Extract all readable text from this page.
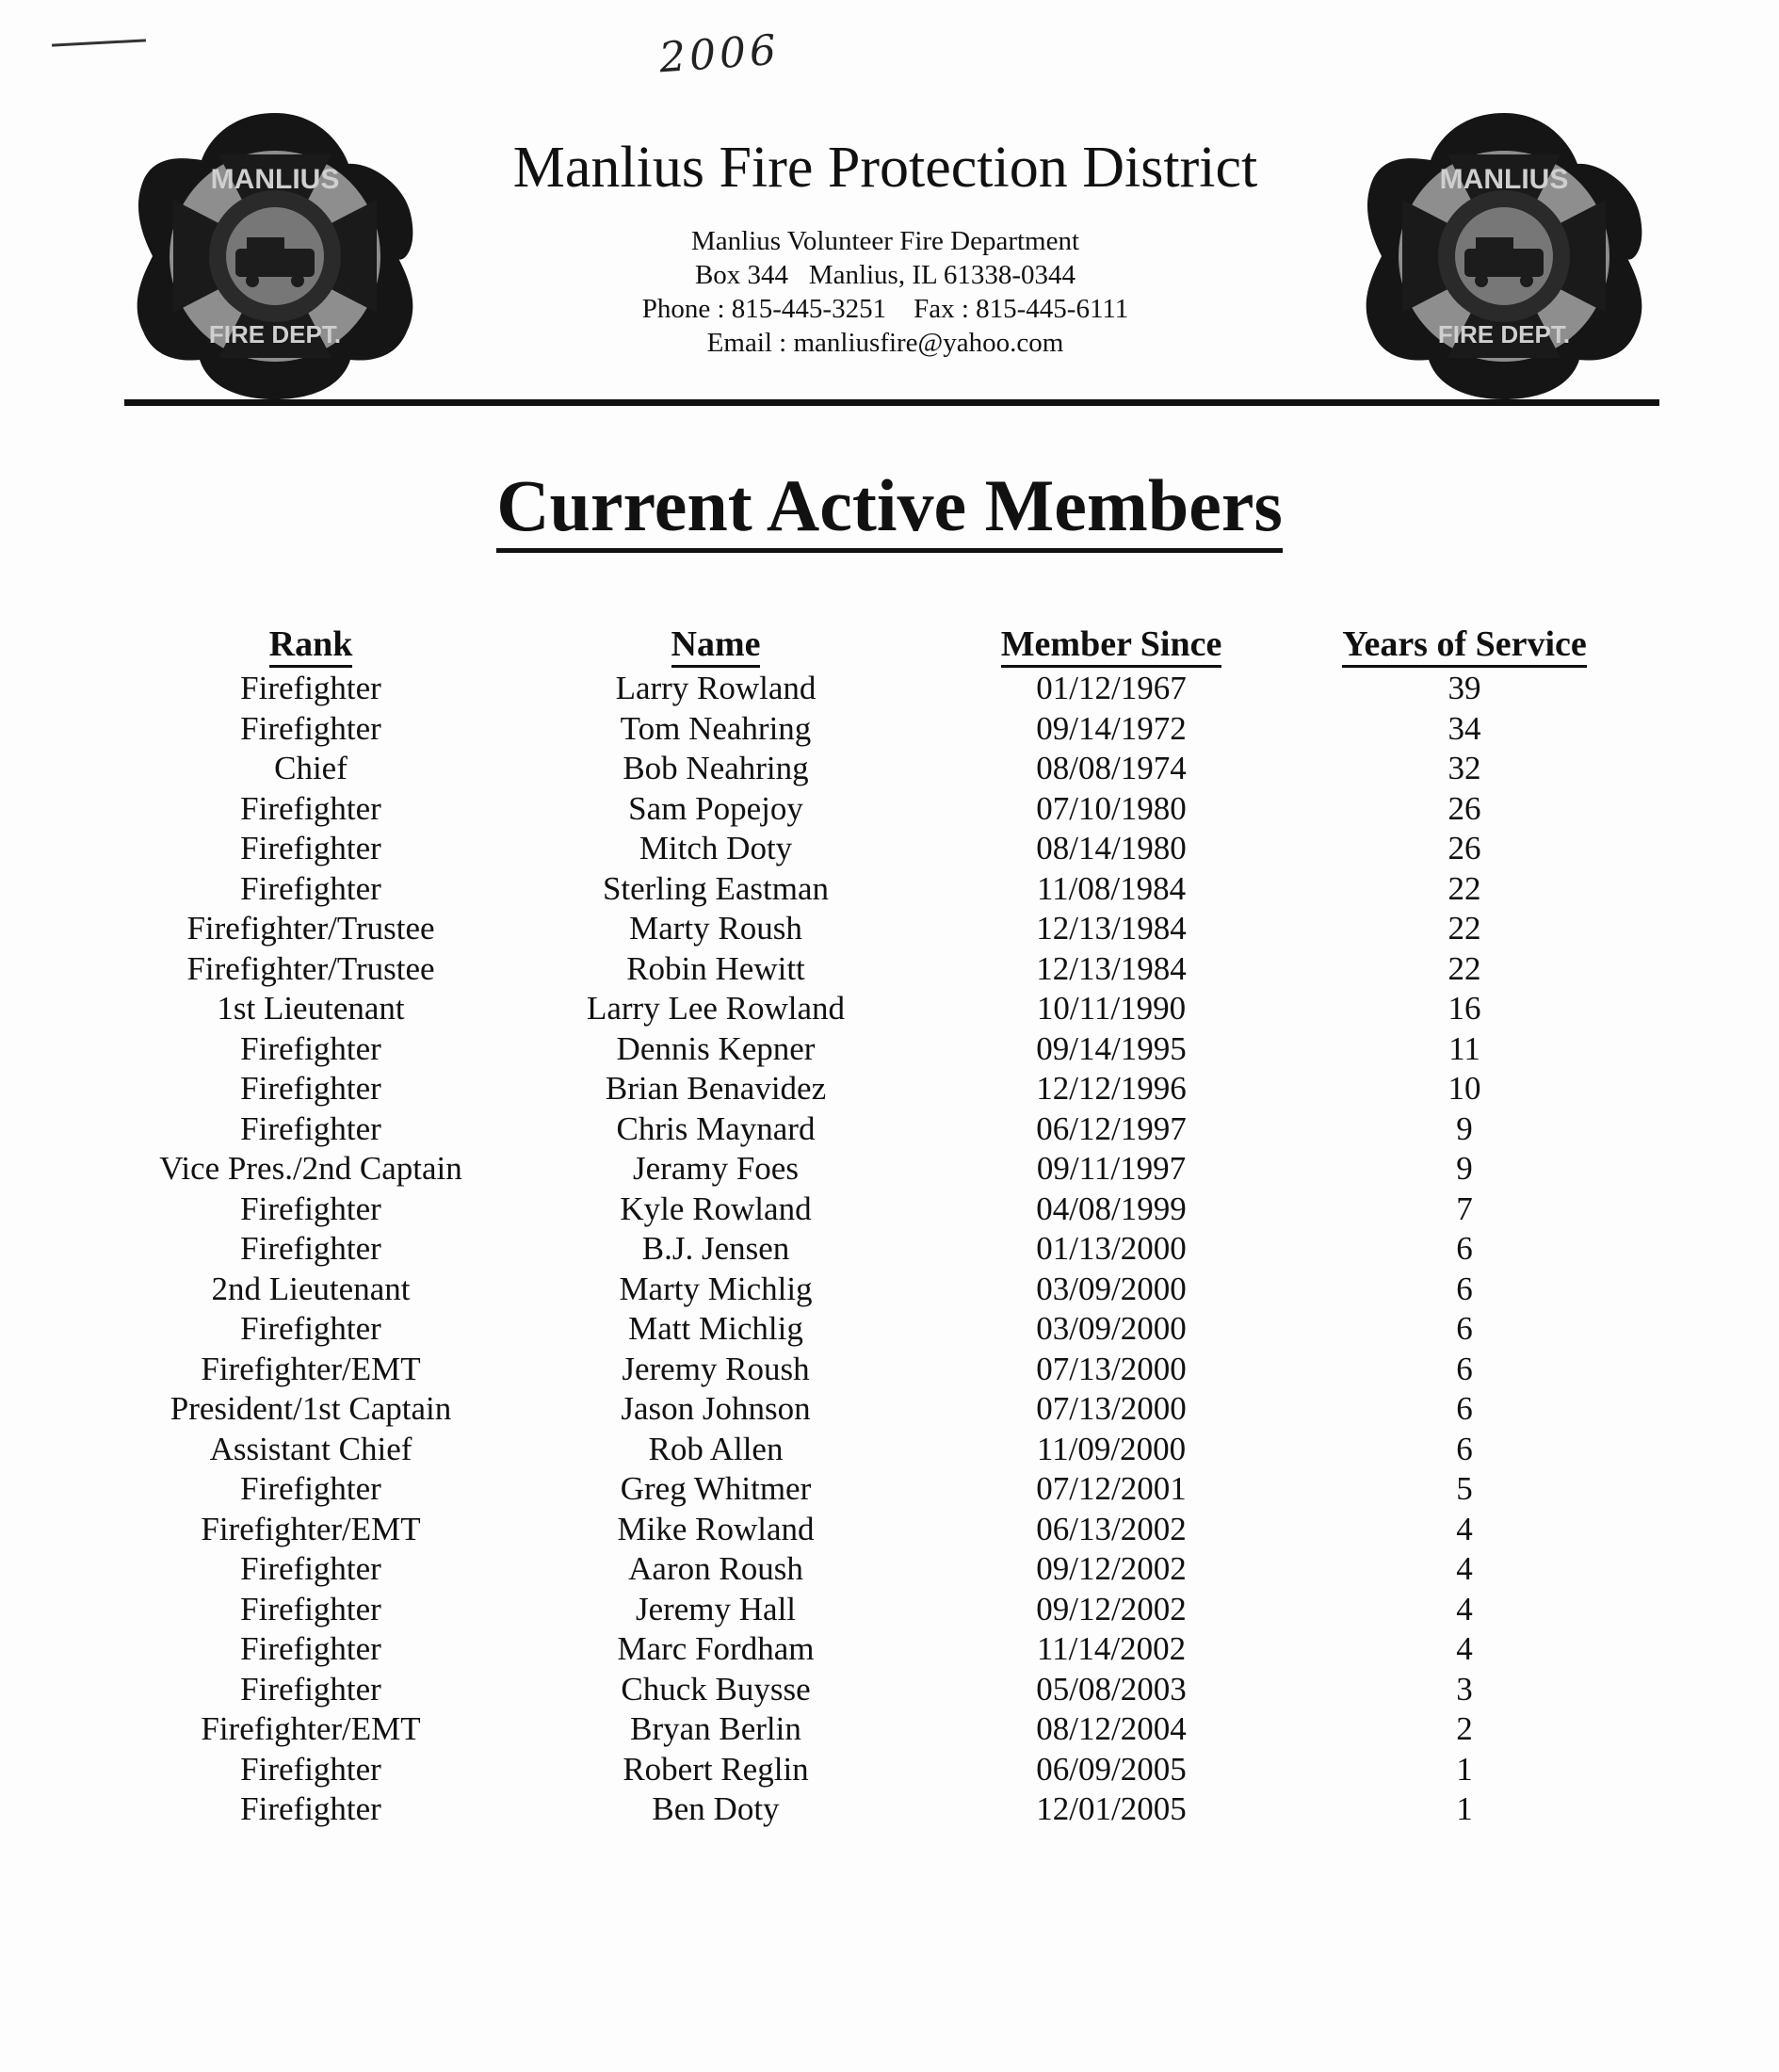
2006
MANLIUS
FIRE DEPT.
MANLIUS
FIRE DEPT.
Manlius Fire Protection District
Manlius Volunteer Fire Department
Box 344   Manlius, IL 61338-0344
Phone : 815-445-3251    Fax : 815-445-6111
Email : manliusfire@yahoo.com
Current Active Members
Rank	Name	Member Since	Years of Service
Firefighter	Larry Rowland	01/12/1967	39
Firefighter	Tom Neahring	09/14/1972	34
Chief	Bob Neahring	08/08/1974	32
Firefighter	Sam Popejoy	07/10/1980	26
Firefighter	Mitch Doty	08/14/1980	26
Firefighter	Sterling Eastman	11/08/1984	22
Firefighter/Trustee	Marty Roush	12/13/1984	22
Firefighter/Trustee	Robin Hewitt	12/13/1984	22
1st Lieutenant	Larry Lee Rowland	10/11/1990	16
Firefighter	Dennis Kepner	09/14/1995	11
Firefighter	Brian Benavidez	12/12/1996	10
Firefighter	Chris Maynard	06/12/1997	9
Vice Pres./2nd Captain	Jeramy Foes	09/11/1997	9
Firefighter	Kyle Rowland	04/08/1999	7
Firefighter	B.J. Jensen	01/13/2000	6
2nd Lieutenant	Marty Michlig	03/09/2000	6
Firefighter	Matt Michlig	03/09/2000	6
Firefighter/EMT	Jeremy Roush	07/13/2000	6
President/1st Captain	Jason Johnson	07/13/2000	6
Assistant Chief	Rob Allen	11/09/2000	6
Firefighter	Greg Whitmer	07/12/2001	5
Firefighter/EMT	Mike Rowland	06/13/2002	4
Firefighter	Aaron Roush	09/12/2002	4
Firefighter	Jeremy Hall	09/12/2002	4
Firefighter	Marc Fordham	11/14/2002	4
Firefighter	Chuck Buysse	05/08/2003	3
Firefighter/EMT	Bryan Berlin	08/12/2004	2
Firefighter	Robert Reglin	06/09/2005	1
Firefighter	Ben Doty	12/01/2005	1
